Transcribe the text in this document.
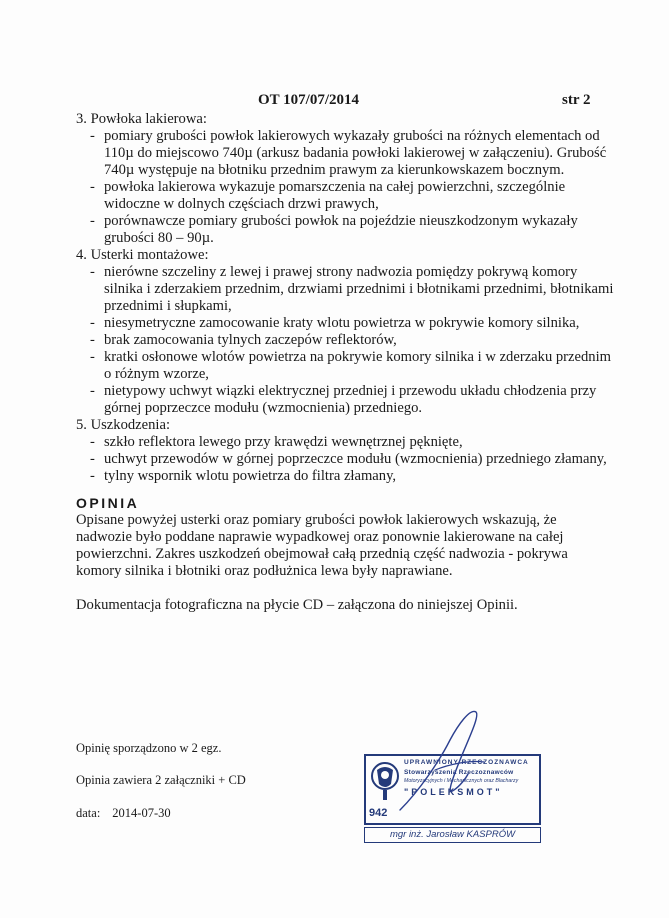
OT 107/07/2014	str 2

3. Powłoka lakierowa:

- pomiary grubości powłok lakierowych wykazały grubości na różnych elementach od 110µ do miejscowo 740µ (arkusz badania powłoki lakierowej w załączeniu). Grubość 740µ występuje na błotniku przednim prawym za kierunkowskazem bocznym.
- powłoka lakierowa wykazuje pomarszczenia na całej powierzchni, szczególnie widoczne w dolnych częściach drzwi prawych,
- porównawcze pomiary grubości powłok na pojeździe nieuszkodzonym wykazały grubości 80 – 90µ.

4. Usterki montażowe:

- nierówne szczeliny z lewej i prawej strony nadwozia pomiędzy pokrywą komory silnika i zderzakiem przednim, drzwiami przednimi i błotnikami przednimi, błotnikami przednimi i słupkami,
- niesymetryczne zamocowanie kraty wlotu powietrza w pokrywie komory silnika,
- brak zamocowania tylnych zaczepów reflektorów,
- kratki osłonowe wlotów powietrza na pokrywie komory silnika i w zderzaku przednim o różnym wzorze,
- nietypowy uchwyt wiązki elektrycznej przedniej i przewodu układu chłodzenia przy górnej poprzeczce modułu (wzmocnienia) przedniego.

5. Uszkodzenia:

- szkło reflektora lewego przy krawędzi wewnętrznej pęknięte,
- uchwyt przewodów w górnej poprzeczce modułu (wzmocnienia) przedniego złamany,
- tylny wspornik wlotu powietrza do filtra złamany,
OPINIA

Opisane powyżej usterki oraz pomiary grubości powłok lakierowych wskazują, że nadwozie było poddane naprawie wypadkowej oraz ponownie lakierowane na całej powierzchni. Zakres uszkodzeń obejmował całą przednią część nadwozia - pokrywa komory silnika i błotniki oraz podłużnica lewa były naprawiane.

Dokumentacja fotograficzna na płycie CD – załączona do niniejszej Opinii.

Opinię sporządzono w 2 egz.
Opinia zawiera 2 załączniki + CD
data: 2014-07-30	942
UPRAWNIONY RZECZOZNAWCA
Stowarzyszenia Rzeczoznawców
Motoryzacyjnych i Mechanicznych oraz Blacharzy
"POLEKSMOT"
mgr inż. Jarosław KASPRÓW
